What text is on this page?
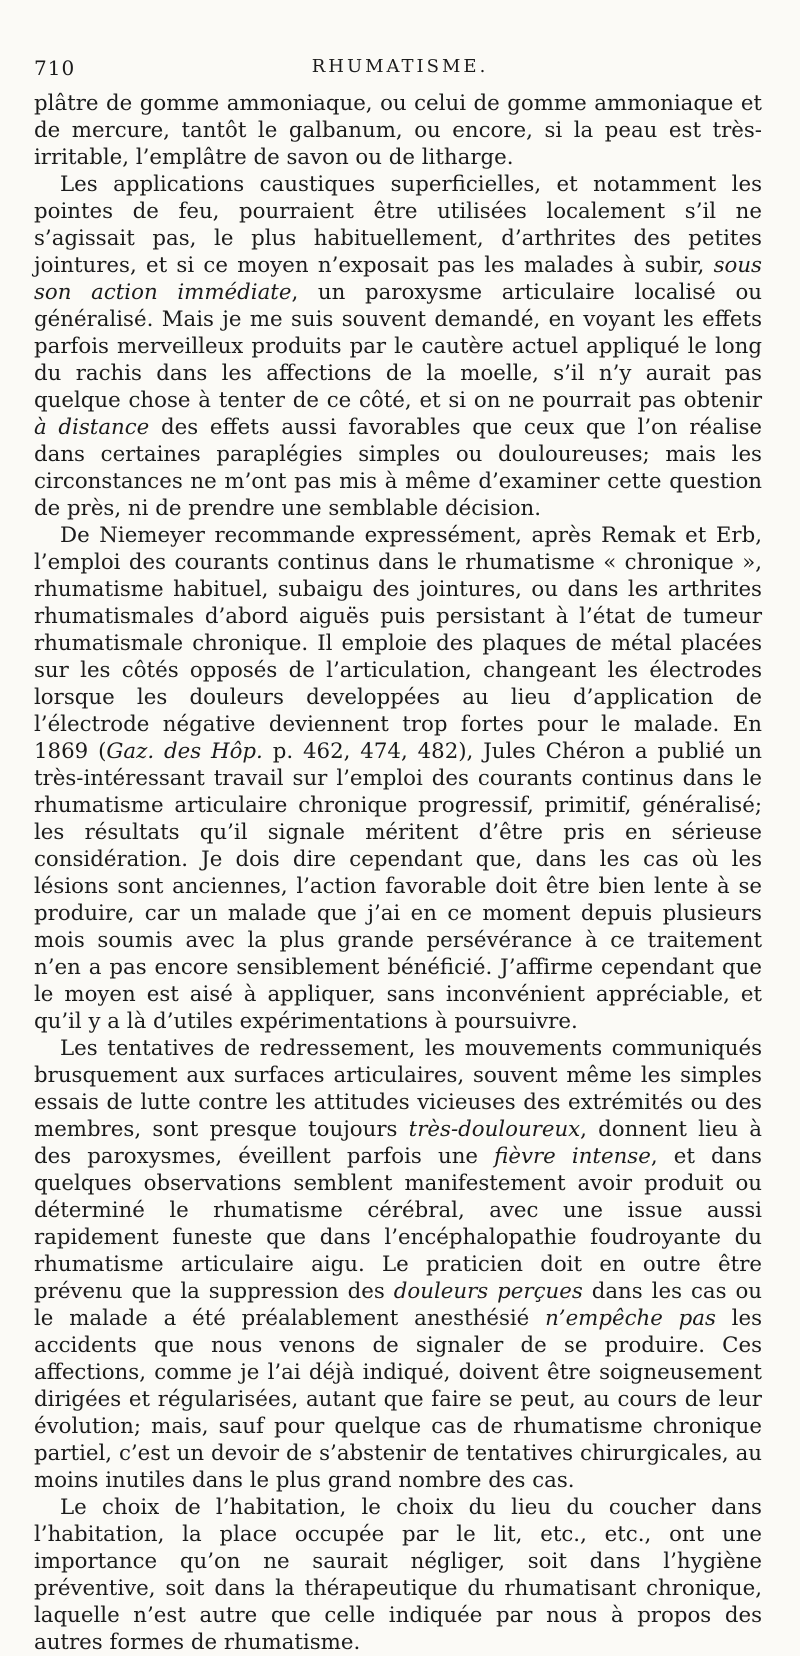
710	RHUMATISME.

plâtre de gomme ammoniaque, ou celui de gomme ammoniaque et de mercure, tantôt le galbanum, ou encore, si la peau est très-irritable, l’emplâtre de savon ou de litharge.

Les applications caustiques superficielles, et notamment les pointes de feu, pourraient être utilisées localement s’il ne s’agissait pas, le plus habituellement, d’arthrites des petites jointures, et si ce moyen n’exposait pas les malades à subir, sous son action immédiate, un paroxysme articulaire localisé ou généralisé. Mais je me suis souvent demandé, en voyant les effets parfois merveilleux produits par le cautère actuel appliqué le long du rachis dans les affections de la moelle, s’il n’y aurait pas quelque chose à tenter de ce côté, et si on ne pourrait pas obtenir à distance des effets aussi favorables que ceux que l’on réalise dans certaines paraplégies simples ou douloureuses; mais les circonstances ne m’ont pas mis à même d’examiner cette question de près, ni de prendre une semblable décision.

De Niemeyer recommande expressément, après Remak et Erb, l’emploi des courants continus dans le rhumatisme « chronique », rhumatisme habituel, subaigu des jointures, ou dans les arthrites rhumatismales d’abord aiguës puis persistant à l’état de tumeur rhumatismale chronique. Il emploie des plaques de métal placées sur les côtés opposés de l’articulation, changeant les électrodes lorsque les douleurs developpées au lieu d’application de l’électrode négative deviennent trop fortes pour le malade. En 1869 (Gaz. des Hôp. p. 462, 474, 482), Jules Chéron a publié un très-intéressant travail sur l’emploi des courants continus dans le rhumatisme articulaire chronique progressif, primitif, généralisé; les résultats qu’il signale méritent d’être pris en sérieuse considération. Je dois dire cependant que, dans les cas où les lésions sont anciennes, l’action favorable doit être bien lente à se produire, car un malade que j’ai en ce moment depuis plusieurs mois soumis avec la plus grande persévérance à ce traitement n’en a pas encore sensiblement bénéficié. J’affirme cependant que le moyen est aisé à appliquer, sans inconvénient appréciable, et qu’il y a là d’utiles expérimentations à poursuivre.

Les tentatives de redressement, les mouvements communiqués brusquement aux surfaces articulaires, souvent même les simples essais de lutte contre les attitudes vicieuses des extrémités ou des membres, sont presque toujours très-douloureux, donnent lieu à des paroxysmes, éveillent parfois une fièvre intense, et dans quelques observations semblent manifestement avoir produit ou déterminé le rhumatisme cérébral, avec une issue aussi rapidement funeste que dans l’encéphalopathie foudroyante du rhumatisme articulaire aigu. Le praticien doit en outre être prévenu que la suppression des douleurs perçues dans les cas ou le malade a été préalablement anesthésié n’empêche pas les accidents que nous venons de signaler de se produire. Ces affections, comme je l’ai déjà indiqué, doivent être soigneusement dirigées et régularisées, autant que faire se peut, au cours de leur évolution; mais, sauf pour quelque cas de rhumatisme chronique partiel, c’est un devoir de s’abstenir de tentatives chirurgicales, au moins inutiles dans le plus grand nombre des cas.

Le choix de l’habitation, le choix du lieu du coucher dans l’habitation, la place occupée par le lit, etc., etc., ont une importance qu’on ne saurait négliger, soit dans l’hygiène préventive, soit dans la thérapeutique du rhumatisant chronique, laquelle n’est autre que celle indiquée par nous à propos des autres formes de rhumatisme.
